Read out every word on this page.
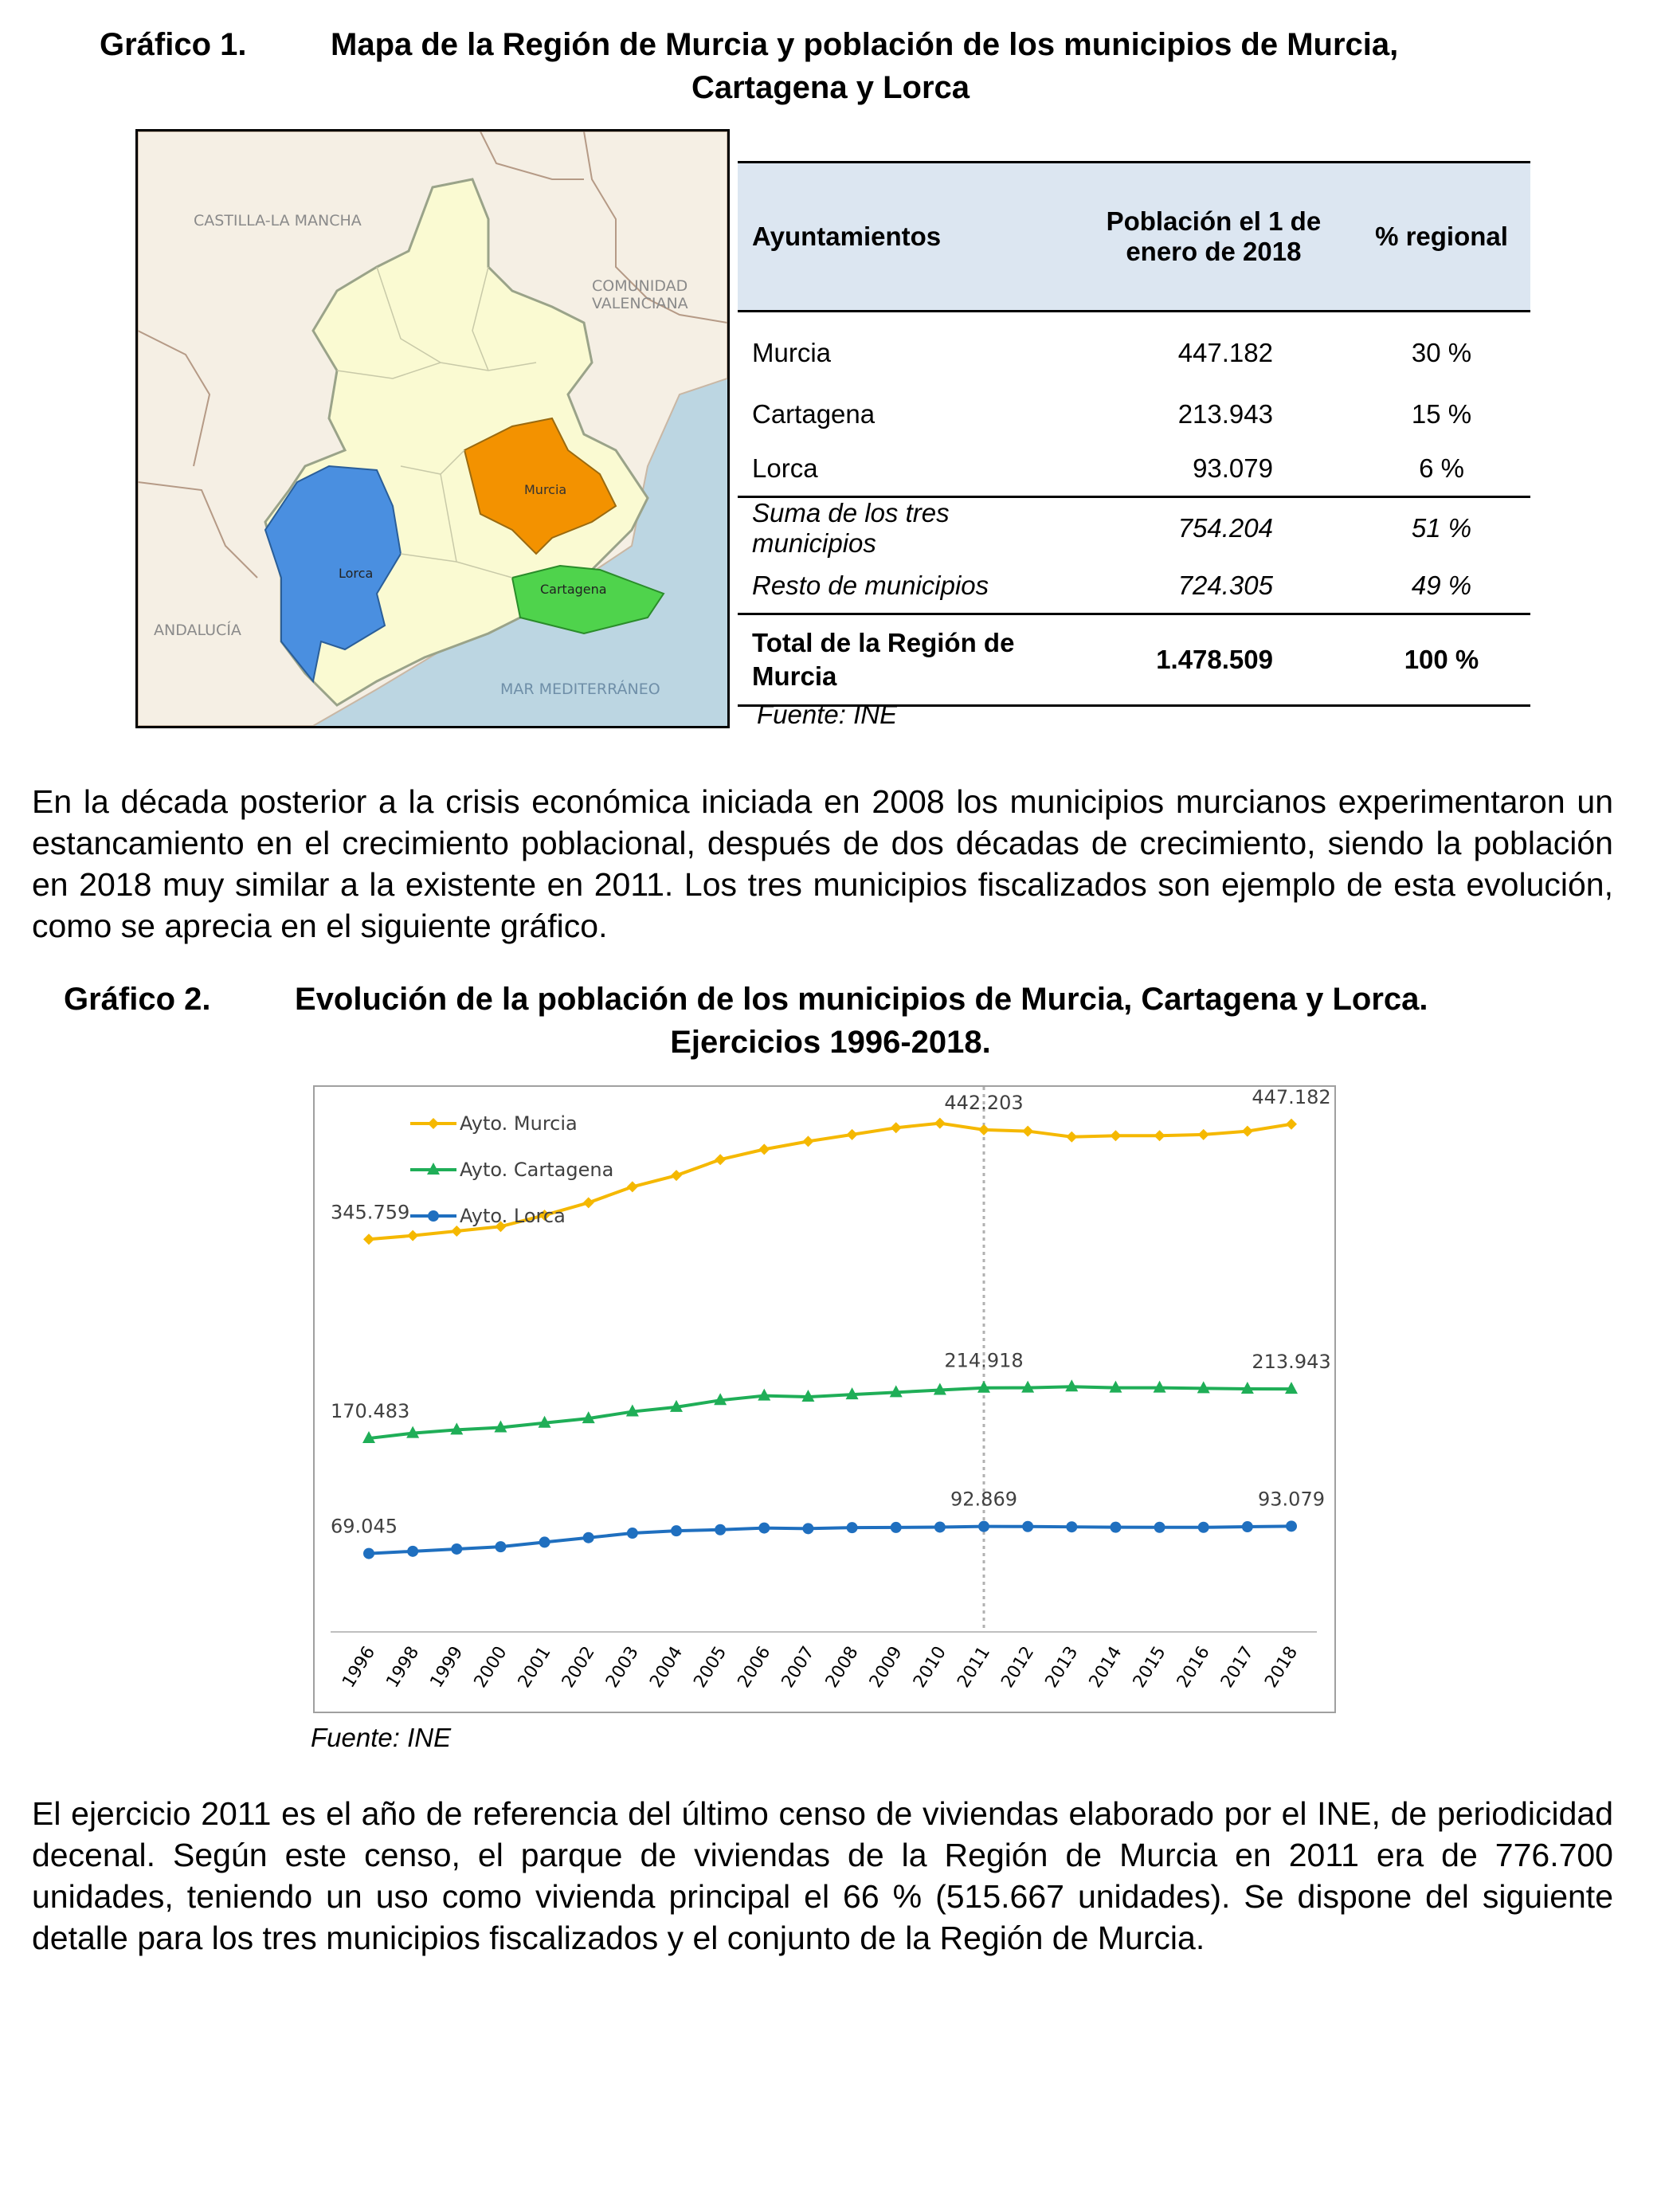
Gráfico 1.	Mapa de la Región de Murcia y población de los municipios de Murcia,
Cartagena y Lorca
CASTILLA-LA MANCHA
COMUNIDAD
VALENCIANA
ANDALUCÍA
MAR MEDITERRÁNEO
Murcia
Lorca
Cartagena
Ayuntamientos	Población el 1 de enero de 2018	% regional
Murcia	447.182	30 %
Cartagena	213.943	15 %
Lorca	93.079	6 %
Suma de los tres municipios	754.204	51 %
Resto de municipios	724.305	49 %
Total de la Región de Murcia	1.478.509	100 %
Fuente: INE
En la década posterior a la crisis económica iniciada en 2008 los municipios murcianos experimentaron un estancamiento en el crecimiento poblacional, después de dos décadas de crecimiento, siendo la población en 2018 muy similar a la existente en 2011. Los tres municipios fiscalizados son ejemplo de esta evolución, como se aprecia en el siguiente gráfico.
Gráfico 2.	Evolución de la población de los municipios de Murcia, Cartagena y Lorca.
Ejercicios 1996-2018.
1996 1998 1999 2000 2001 2002 2003 2004 2005 2006 2007 2008 2009 2010 2011 2012 2013 2014 2015 2016 2017 2018
345.759
442.203	447.182
170.483
214.918	213.943
69.045
92.869	93.079
Ayto. Murcia
Ayto. Cartagena
Ayto. Lorca
Fuente: INE
El ejercicio 2011 es el año de referencia del último censo de viviendas elaborado por el INE, de periodicidad decenal. Según este censo, el parque de viviendas de la Región de Murcia en 2011 era de 776.700 unidades, teniendo un uso como vivienda principal el 66 % (515.667 unidades). Se dispone del siguiente detalle para los tres municipios fiscalizados y el conjunto de la Región de Murcia.
